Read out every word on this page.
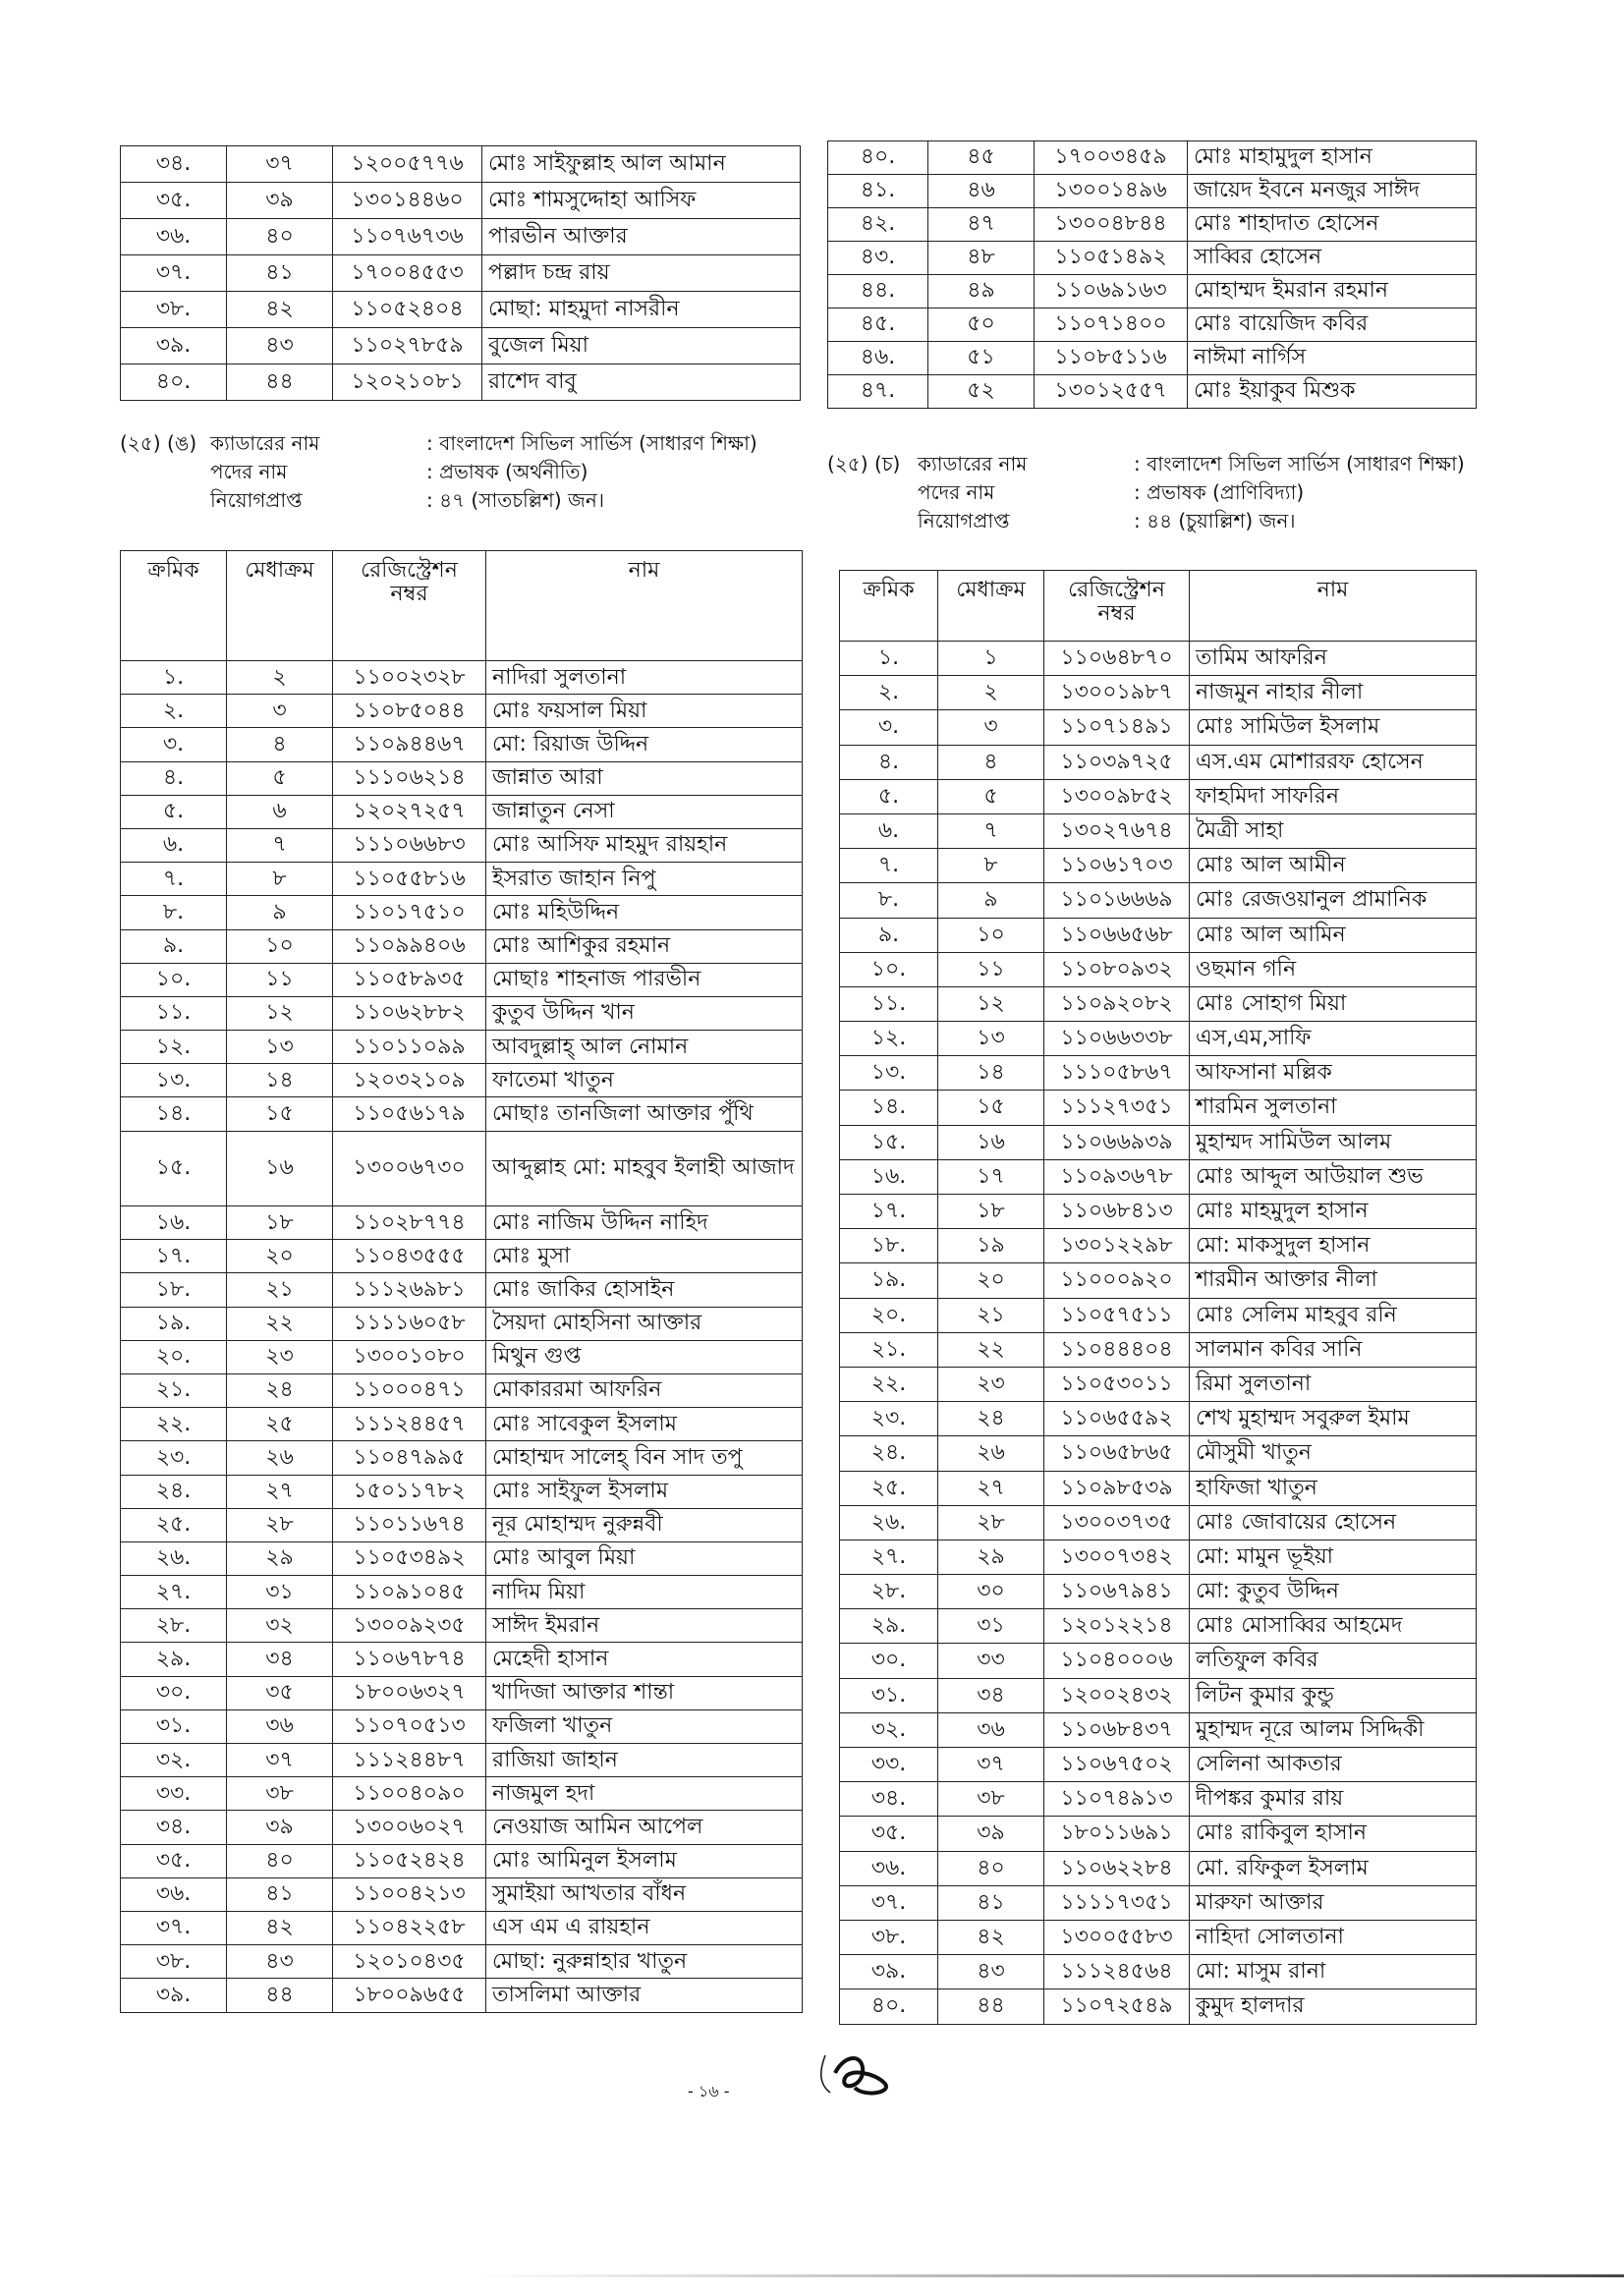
৩৪.	৩৭	১২০০৫৭৭৬	মোঃ সাইফুল্লাহ আল আমান
৩৫.	৩৯	১৩০১৪৪৬০	মোঃ শামসুদ্দোহা আসিফ
৩৬.	৪০	১১০৭৬৭৩৬	পারভীন আক্তার
৩৭.	৪১	১৭০০৪৫৫৩	পল্লাদ চন্দ্র রায়
৩৮.	৪২	১১০৫২৪০৪	মোছা: মাহমুদা নাসরীন
৩৯.	৪৩	১১০২৭৮৫৯	বুজেল মিয়া
৪০.	৪৪	১২০২১০৮১	রাশেদ বাবু
৪০.	৪৫	১৭০০৩৪৫৯	মোঃ মাহামুদুল হাসান
৪১.	৪৬	১৩০০১৪৯৬	জায়েদ ইবনে মনজুর সাঈদ
৪২.	৪৭	১৩০০৪৮৪৪	মোঃ শাহাদাত হোসেন
৪৩.	৪৮	১১০৫১৪৯২	সাব্বির হোসেন
৪৪.	৪৯	১১০৬৯১৬৩	মোহাম্মদ ইমরান রহমান
৪৫.	৫০	১১০৭১৪০০	মোঃ বায়েজিদ কবির
৪৬.	৫১	১১০৮৫১১৬	নাঈমা নার্গিস
৪৭.	৫২	১৩০১২৫৫৭	মোঃ ইয়াকুব মিশুক
(২৫) (ঙ) ক্যাডারের নাম	: বাংলাদেশ সিভিল সার্ভিস (সাধারণ শিক্ষা)
পদের নাম	: প্রভাষক (অর্থনীতি)
নিয়োগপ্রাপ্ত	: ৪৭ (সাতচল্লিশ) জন।
(২৫) (চ) ক্যাডারের নাম	: বাংলাদেশ সিভিল সার্ভিস (সাধারণ শিক্ষা)
পদের নাম	: প্রভাষক (প্রাণিবিদ্যা)
নিয়োগপ্রাপ্ত	: ৪৪ (চুয়াল্লিশ) জন।
ক্রমিক	মেধাক্রম	রেজিস্ট্রেশন নম্বর	নাম
১.	২	১১০০২৩২৮	নাদিরা সুলতানা
২.	৩	১১০৮৫০৪৪	মোঃ ফয়সাল মিয়া
৩.	৪	১১০৯৪৪৬৭	মো: রিয়াজ উদ্দিন
৪.	৫	১১১০৬২১৪	জান্নাত আরা
৫.	৬	১২০২৭২৫৭	জান্নাতুন নেসা
৬.	৭	১১১০৬৬৮৩	মোঃ আসিফ মাহমুদ রায়হান
৭.	৮	১১০৫৫৮১৬	ইসরাত জাহান নিপু
৮.	৯	১১০১৭৫১০	মোঃ মহিউদ্দিন
৯.	১০	১১০৯৯৪০৬	মোঃ আশিকুর রহমান
১০.	১১	১১০৫৮৯৩৫	মোছাঃ শাহনাজ পারভীন
১১.	১২	১১০৬২৮৮২	কুতুব উদ্দিন খান
১২.	১৩	১১০১১০৯৯	আবদুল্লাহ্ আল নোমান
১৩.	১৪	১২০৩২১০৯	ফাতেমা খাতুন
১৪.	১৫	১১০৫৬১৭৯	মোছাঃ তানজিলা আক্তার পুঁথি
১৫.	১৬	১৩০০৬৭৩০	আব্দুল্লাহ মো: মাহবুব ইলাহী আজাদ
১৬.	১৮	১১০২৮৭৭৪	মোঃ নাজিম উদ্দিন নাহিদ
১৭.	২০	১১০৪৩৫৫৫	মোঃ মুসা
১৮.	২১	১১১২৬৯৮১	মোঃ জাকির হোসাইন
১৯.	২২	১১১১৬০৫৮	সৈয়দা মোহসিনা আক্তার
২০.	২৩	১৩০০১০৮০	মিথুন গুপ্ত
২১.	২৪	১১০০০৪৭১	মোকাররমা আফরিন
২২.	২৫	১১১২৪৪৫৭	মোঃ সাবেকুল ইসলাম
২৩.	২৬	১১০৪৭৯৯৫	মোহাম্মদ সালেহ্ বিন সাদ তপু
২৪.	২৭	১৫০১১৭৮২	মোঃ সাইফুল ইসলাম
২৫.	২৮	১১০১১৬৭৪	নূর মোহাম্মদ নুরুন্নবী
২৬.	২৯	১১০৫৩৪৯২	মোঃ আবুল মিয়া
২৭.	৩১	১১০৯১০৪৫	নাদিম মিয়া
২৮.	৩২	১৩০০৯২৩৫	সাঈদ ইমরান
২৯.	৩৪	১১০৬৭৮৭৪	মেহেদী হাসান
৩০.	৩৫	১৮০০৬৩২৭	খাদিজা আক্তার শান্তা
৩১.	৩৬	১১০৭০৫১৩	ফজিলা খাতুন
৩২.	৩৭	১১১২৪৪৮৭	রাজিয়া জাহান
৩৩.	৩৮	১১০০৪০৯০	নাজমুল হদা
৩৪.	৩৯	১৩০০৬০২৭	নেওয়াজ আমিন আপেল
৩৫.	৪০	১১০৫২৪২৪	মোঃ আমিনুল ইসলাম
৩৬.	৪১	১১০০৪২১৩	সুমাইয়া আখতার বাঁধন
৩৭.	৪২	১১০৪২২৫৮	এস এম এ রায়হান
৩৮.	৪৩	১২০১০৪৩৫	মোছা: নুরুন্নাহার খাতুন
৩৯.	৪৪	১৮০০৯৬৫৫	তাসলিমা আক্তার
ক্রমিক	মেধাক্রম	রেজিস্ট্রেশন নম্বর	নাম
১.	১	১১০৬৪৮৭০	তামিম আফরিন
২.	২	১৩০০১৯৮৭	নাজমুন নাহার নীলা
৩.	৩	১১০৭১৪৯১	মোঃ সামিউল ইসলাম
৪.	৪	১১০৩৯৭২৫	এস.এম মোশাররফ হোসেন
৫.	৫	১৩০০৯৮৫২	ফাহমিদা সাফরিন
৬.	৭	১৩০২৭৬৭৪	মৈত্রী সাহা
৭.	৮	১১০৬১৭০৩	মোঃ আল আমীন
৮.	৯	১১০১৬৬৬৯	মোঃ রেজওয়ানুল প্রামানিক
৯.	১০	১১০৬৬৫৬৮	মোঃ আল আমিন
১০.	১১	১১০৮০৯৩২	ওছমান গনি
১১.	১২	১১০৯২০৮২	মোঃ সোহাগ মিয়া
১২.	১৩	১১০৬৬৩৩৮	এস,এম,সাফি
১৩.	১৪	১১১০৫৮৬৭	আফসানা মল্লিক
১৪.	১৫	১১১২৭৩৫১	শারমিন সুলতানা
১৫.	১৬	১১০৬৬৯৩৯	মুহাম্মদ সামিউল আলম
১৬.	১৭	১১০৯৩৬৭৮	মোঃ আব্দুল আউয়াল শুভ
১৭.	১৮	১১০৬৮৪১৩	মোঃ মাহমুদুল হাসান
১৮.	১৯	১৩০১২২৯৮	মো: মাকসুদুল হাসান
১৯.	২০	১১০০০৯২০	শারমীন আক্তার নীলা
২০.	২১	১১০৫৭৫১১	মোঃ সেলিম মাহবুব রনি
২১.	২২	১১০৪৪৪০৪	সালমান কবির সানি
২২.	২৩	১১০৫৩০১১	রিমা সুলতানা
২৩.	২৪	১১০৬৫৫৯২	শেখ মুহাম্মদ সবুরুল ইমাম
২৪.	২৬	১১০৬৫৮৬৫	মৌসুমী খাতুন
২৫.	২৭	১১০৯৮৫৩৯	হাফিজা খাতুন
২৬.	২৮	১৩০০৩৭৩৫	মোঃ জোবায়ের হোসেন
২৭.	২৯	১৩০০৭৩৪২	মো: মামুন ভূইয়া
২৮.	৩০	১১০৬৭৯৪১	মো: কুতুব উদ্দিন
২৯.	৩১	১২০১২২১৪	মোঃ মোসাব্বির আহমেদ
৩০.	৩৩	১১০৪০০০৬	লতিফুল কবির
৩১.	৩৪	১২০০২৪৩২	লিটন কুমার কুন্ডু
৩২.	৩৬	১১০৬৮৪৩৭	মুহাম্মদ নূরে আলম সিদ্দিকী
৩৩.	৩৭	১১০৬৭৫০২	সেলিনা আকতার
৩৪.	৩৮	১১০৭৪৯১৩	দীপঙ্কর কুমার রায়
৩৫.	৩৯	১৮০১১৬৯১	মোঃ রাকিবুল হাসান
৩৬.	৪০	১১০৬২২৮৪	মো. রফিকুল ইসলাম
৩৭.	৪১	১১১১৭৩৫১	মারুফা আক্তার
৩৮.	৪২	১৩০০৫৫৮৩	নাহিদা সোলতানা
৩৯.	৪৩	১১১২৪৫৬৪	মো: মাসুম রানা
৪০.	৪৪	১১০৭২৫৪৯	কুমুদ হালদার
- ১৬ -
